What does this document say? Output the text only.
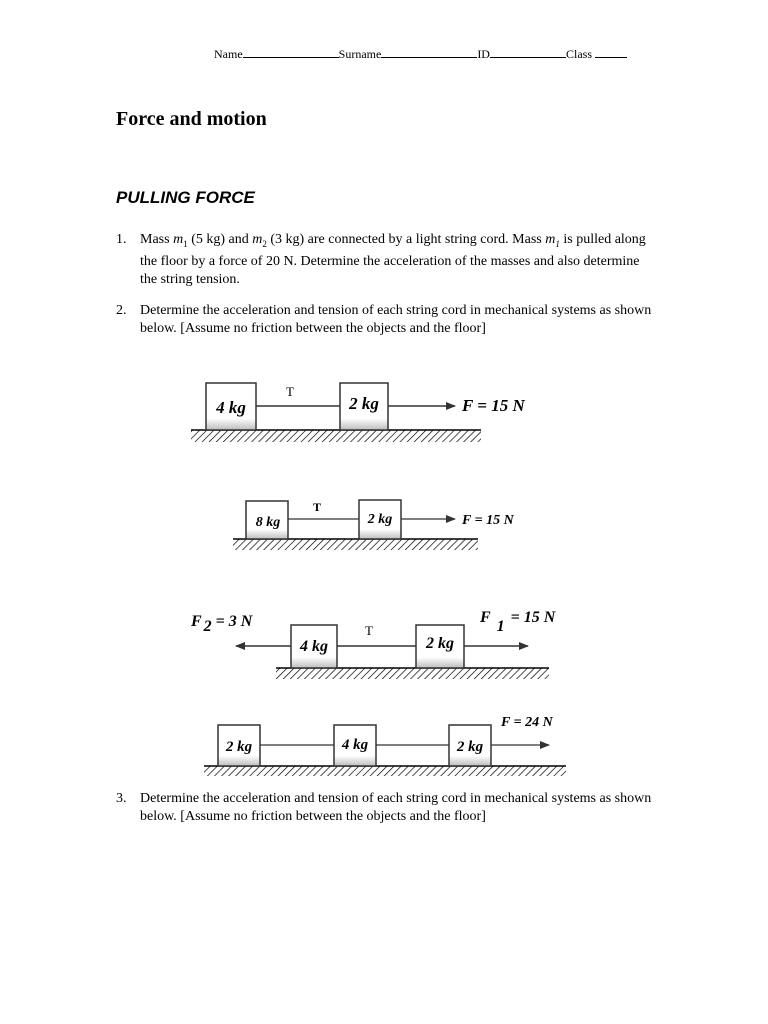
Name	Surname	ID	Class
Force and motion
PULLING FORCE
1. Mass $m_1$ (5 kg) and $m_2$ (3 kg) are connected by a light string cord. Mass $m_1$ is pulled along the floor by a force of 20 N. Determine the acceleration of the masses and also determine the string tension.
2. Determine the acceleration and tension of each string cord in mechanical systems as shown below. [Assume no friction between the objects and the floor]
4 kg	2 kg
T
F = 15 N
8 kg	2 kg
T
F = 15 N
4 kg	2 kg
T
F 2 = 3 N	F1= 15 N
2 kg	4 kg	2 kg
F = 24 N
3. Determine the acceleration and tension of each string cord in mechanical systems as shown below. [Assume no friction between the objects and the floor]
